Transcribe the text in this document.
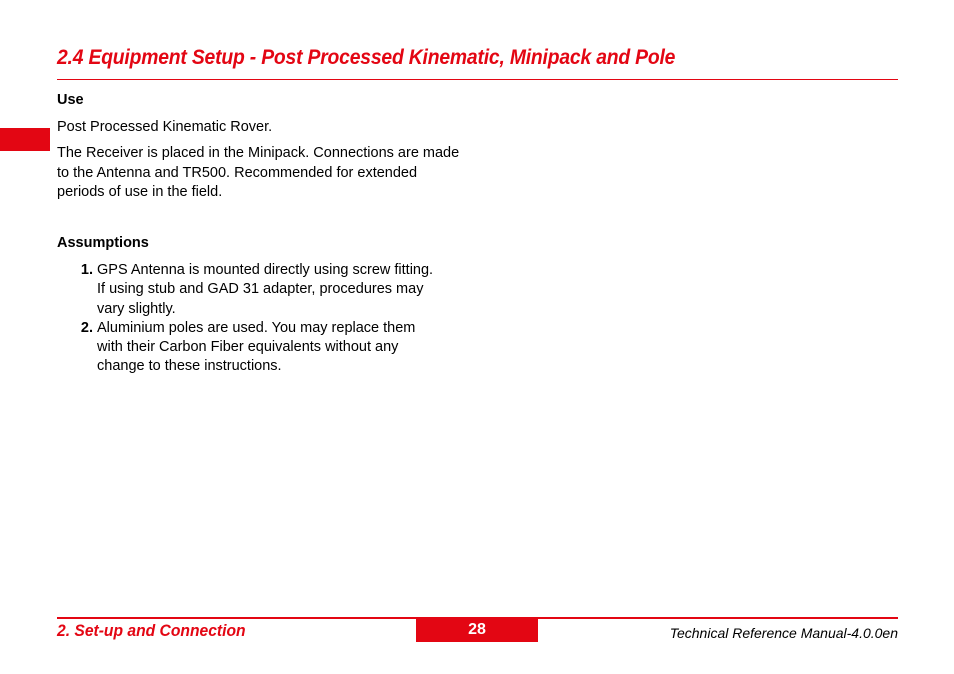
2.4 Equipment Setup - Post Processed Kinematic, Minipack and Pole
Use
Post Processed Kinematic Rover.
The Receiver is placed in the Minipack. Connections are made to the Antenna and TR500. Recommended for extended periods of use in the field.
Assumptions
1. GPS Antenna is mounted directly using screw fitting.
If using stub and GAD 31 adapter, procedures may
vary slightly.
2. Aluminium poles are used. You may replace them
with their Carbon Fiber equivalents without any
change to these instructions.
2. Set-up and Connection	28	Technical Reference Manual-4.0.0en
